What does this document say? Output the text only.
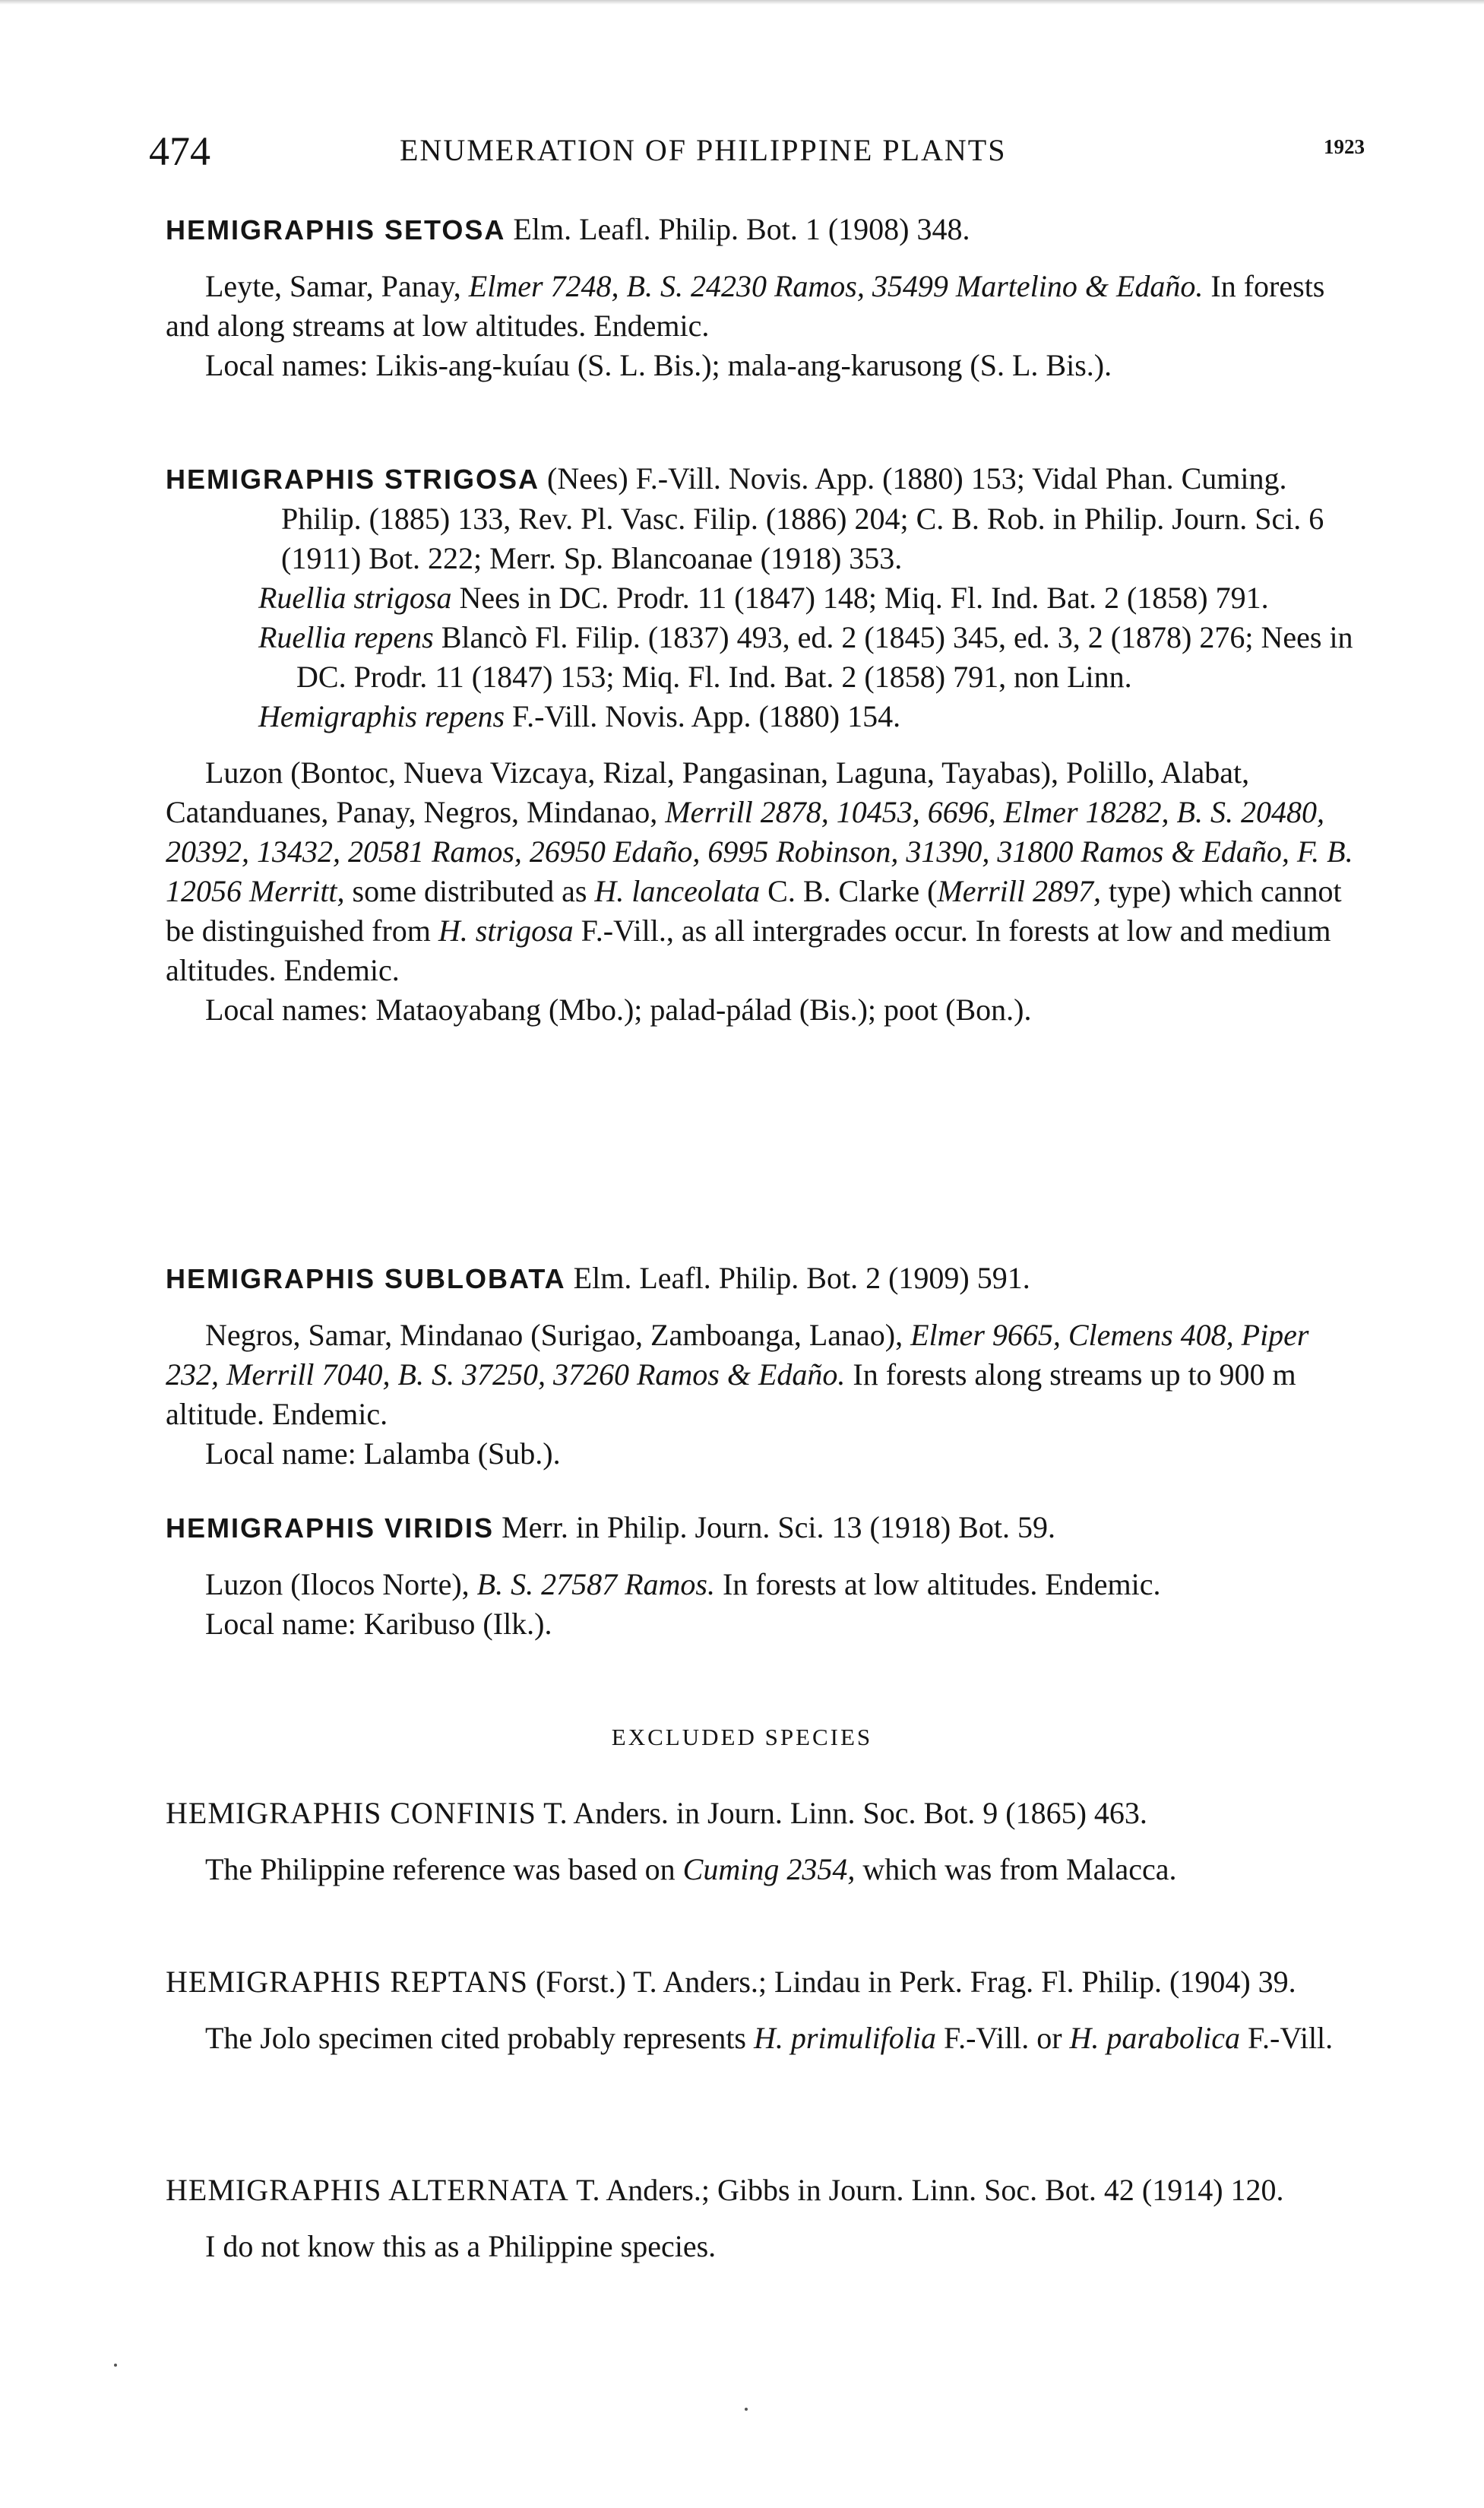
474	ENUMERATION OF PHILIPPINE PLANTS	1923

HEMIGRAPHIS SETOSA Elm. Leafl. Philip. Bot. 1 (1908) 348.

Leyte, Samar, Panay, Elmer 7248, B. S. 24230 Ramos, 35499 Martelino & Edaño. In forests and along streams at low altitudes. Endemic.

Local names: Likis-ang-kuíau (S. L. Bis.); mala-ang-karusong (S. L. Bis.).

HEMIGRAPHIS STRIGOSA (Nees) F.-Vill. Novis. App. (1880) 153; Vidal Phan. Cuming. Philip. (1885) 133, Rev. Pl. Vasc. Filip. (1886) 204; C. B. Rob. in Philip. Journ. Sci. 6 (1911) Bot. 222; Merr. Sp. Blancoanae (1918) 353.

Ruellia strigosa Nees in DC. Prodr. 11 (1847) 148; Miq. Fl. Ind. Bat. 2 (1858) 791.

Ruellia repens Blancò Fl. Filip. (1837) 493, ed. 2 (1845) 345, ed. 3, 2 (1878) 276; Nees in DC. Prodr. 11 (1847) 153; Miq. Fl. Ind. Bat. 2 (1858) 791, non Linn.

Hemigraphis repens F.-Vill. Novis. App. (1880) 154.

Luzon (Bontoc, Nueva Vizcaya, Rizal, Pangasinan, Laguna, Tayabas), Polillo, Alabat, Catanduanes, Panay, Negros, Mindanao, Merrill 2878, 10453, 6696, Elmer 18282, B. S. 20480, 20392, 13432, 20581 Ramos, 26950 Edaño, 6995 Robinson, 31390, 31800 Ramos & Edaño, F. B. 12056 Merritt, some distributed as H. lanceolata C. B. Clarke (Merrill 2897, type) which cannot be distinguished from H. strigosa F.-Vill., as all intergrades occur. In forests at low and medium altitudes. Endemic.

Local names: Mataoyabang (Mbo.); palad-pálad (Bis.); poot (Bon.).

HEMIGRAPHIS SUBLOBATA Elm. Leafl. Philip. Bot. 2 (1909) 591.

Negros, Samar, Mindanao (Surigao, Zamboanga, Lanao), Elmer 9665, Clemens 408, Piper 232, Merrill 7040, B. S. 37250, 37260 Ramos & Edaño. In forests along streams up to 900 m altitude. Endemic.

Local name: Lalamba (Sub.).

HEMIGRAPHIS VIRIDIS Merr. in Philip. Journ. Sci. 13 (1918) Bot. 59.

Luzon (Ilocos Norte), B. S. 27587 Ramos. In forests at low altitudes. Endemic.

Local name: Karibuso (Ilk.).

EXCLUDED SPECIES

HEMIGRAPHIS CONFINIS T. Anders. in Journ. Linn. Soc. Bot. 9 (1865) 463.

The Philippine reference was based on Cuming 2354, which was from Malacca.

HEMIGRAPHIS REPTANS (Forst.) T. Anders.; Lindau in Perk. Frag. Fl. Philip. (1904) 39.

The Jolo specimen cited probably represents H. primulifolia F.-Vill. or H. parabolica F.-Vill.

HEMIGRAPHIS ALTERNATA T. Anders.; Gibbs in Journ. Linn. Soc. Bot. 42 (1914) 120.

I do not know this as a Philippine species.
